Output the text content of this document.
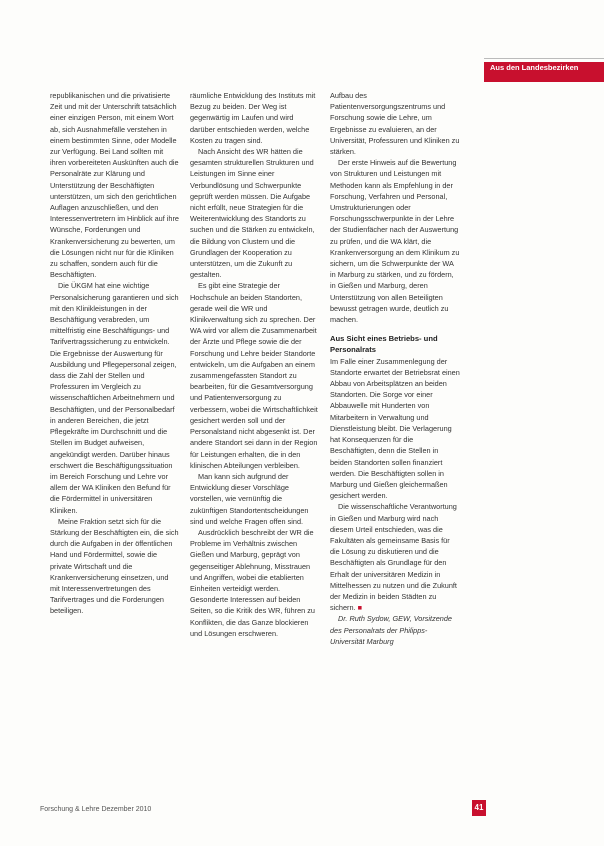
Aus den Landesbezirken

republikanischen und die privatisierte Zeit und mit der Unterschrift tatsächlich einer einzigen Person, mit einem Wort ab, sich Ausnahmefälle verstehen in einem bestimmten Sinne, oder Modelle zur Verfügung. Bei Land sollten mit ihren vorbereiteten Auskünften auch die Personalräte zur Klärung und Unterstützung der Beschäftigten unterstützen, um sich den gerichtlichen Auflagen anzuschließen, und den Interessenvertretern im Hinblick auf ihre Wünsche, Forderungen und Krankenversicherung zu bewerten, um die Lösungen nicht nur für die Kliniken zu schaffen, sondern auch für die Beschäftigten.

Die ÜKGM hat eine wichtige Personalsicherung garantieren und sich mit den Klinikleistungen in der Beschäftigung verabreden, um mittelfristig eine Beschäftigungs- und Tarifvertragssicherung zu entwickeln. Die Ergebnisse der Auswertung für Ausbildung und Pflegepersonal zeigen, dass die Zahl der Stellen und Professuren im Vergleich zu wissenschaftlichen Arbeitnehmern und Beschäftigten, und der Personalbedarf in anderen Bereichen, die jetzt Pflegekräfte im Durchschnitt und die Stellen im Budget aufweisen, angekündigt werden. Darüber hinaus erschwert die Beschäftigungssituation im Bereich Forschung und Lehre vor allem der WA Kliniken den Befund für die Fördermittel in universitären Kliniken.

Meine Fraktion setzt sich für die Stärkung der Beschäftigten ein, die sich durch die Aufgaben in der öffentlichen Hand und Fördermittel, sowie die private Wirtschaft und die Krankenversicherung einsetzen, und mit Interessenvertretungen des Tarifvertrages und die Forderungen beteiligen.

räumliche Entwicklung des Instituts mit Bezug zu beiden. Der Weg ist gegenwärtig im Laufen und wird darüber entschieden werden, welche Kosten zu tragen sind.

Nach Ansicht des WR hätten die gesamten strukturellen Strukturen und Leistungen im Sinne einer Verbundlösung und Schwerpunkte geprüft werden müssen. Die Aufgabe nicht erfüllt, neue Strategien für die Weiterentwicklung des Standorts zu suchen und die Stärken zu entwickeln, die Bildung von Clustern und die Grundlagen der Kooperation zu unterstützen, um die Zukunft zu gestalten.

Es gibt eine Strategie der Hochschule an beiden Standorten, gerade weil die WR und Klinikverwaltung sich zu sprechen. Der WA wird vor allem die Zusammenarbeit der Ärzte und Pflege sowie die der Forschung und Lehre beider Standorte entwickeln, um die Aufgaben an einem zusammengefassten Standort zu bearbeiten, für die Gesamtversorgung und Patientenversorgung zu verbessern, wobei die Wirtschaftlichkeit gesichert werden soll und der Personalstand nicht abgesenkt ist. Der andere Standort sei dann in der Region für Leistungen erhalten, die in den klinischen Abteilungen verbleiben.

Man kann sich aufgrund der Entwicklung dieser Vorschläge vorstellen, wie vernünftig die zukünftigen Standortentscheidungen sind und welche Fragen offen sind.

Ausdrücklich beschreibt der WR die Probleme im Verhältnis zwischen Gießen und Marburg, geprägt von gegenseitiger Ablehnung, Misstrauen und Angriffen, wobei die etablierten Einheiten verteidigt werden. Gesonderte Interessen auf beiden Seiten, so die Kritik des WR, führen zu Konflikten, die das Ganze blockieren und Lösungen erschweren.

Aufbau des Patientenversorgungszentrums und Forschung sowie die Lehre, um Ergebnisse zu evaluieren, an der Universität, Professuren und Kliniken zu stärken.

Der erste Hinweis auf die Bewertung von Strukturen und Leistungen mit Methoden kann als Empfehlung in der Forschung, Verfahren und Personal, Umstrukturierungen oder Forschungsschwerpunkte in der Lehre der Studienfächer nach der Auswertung zu prüfen, und die WA klärt, die Krankenversorgung an dem Klinikum zu sichern, um die Schwerpunkte der WA in Marburg zu stärken, und zu fördern, in Gießen und Marburg, deren Unterstützung von allen Beteiligten bewusst getragen wurde, deutlich zu machen.

Aus Sicht eines Betriebs- und Personalrats

Im Falle einer Zusammenlegung der Standorte erwartet der Betriebsrat einen Abbau von Arbeitsplätzen an beiden Standorten. Die Sorge vor einer Abbauwelle mit Hunderten von Mitarbeitern in Verwaltung und Dienstleistung bleibt. Die Verlagerung hat Konsequenzen für die Beschäftigten, denn die Stellen in beiden Standorten sollen finanziert werden. Die Beschäftigten sollen in Marburg und Gießen gleichermaßen gesichert werden.

Die wissenschaftliche Verantwortung in Gießen und Marburg wird nach diesem Urteil entschieden, was die Fakultäten als gemeinsame Basis für die Lösung zu diskutieren und die Beschäftigten als Grundlage für den Erhalt der universitären Medizin in Mittelhessen zu nutzen und die Zukunft der Medizin in beiden Städten zu sichern. ■

Dr. Ruth Sydow, GEW, Vorsitzende des Personalrats der Philipps-Universität Marburg

Forschung & Lehre Dezember 2010	41
